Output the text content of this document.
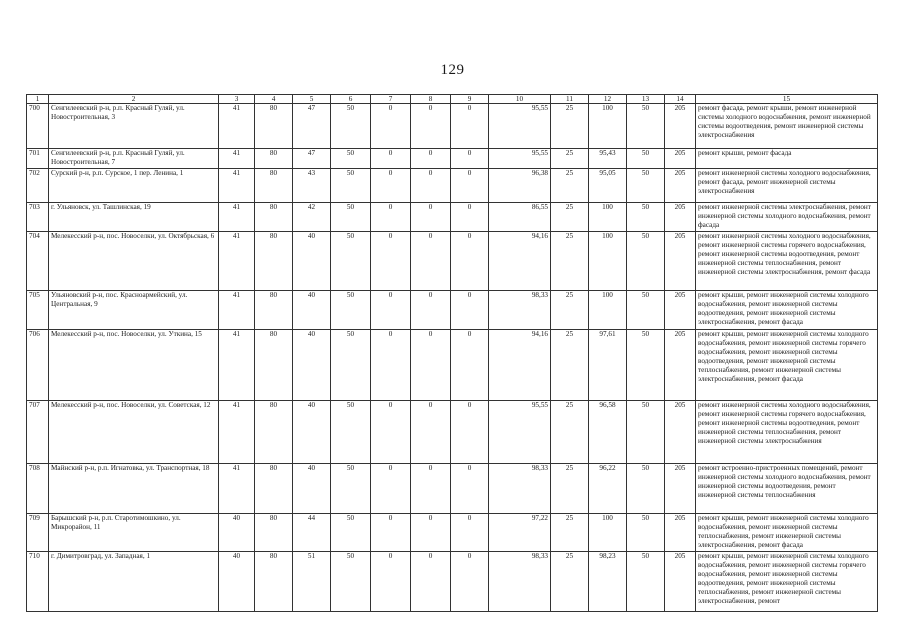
129
1	2	3	4	5	6	7	8	9	10	11	12	13	14	15
700	Сенгилеевский р-н, р.п. Красный Гуляй, ул. Новостроительная, 3	41	80	47	50	0	0	0	95,55	25	100	50	205	ремонт фасада, ремонт крыши, ремонт инженерной системы холодного водоснабжения, ремонт инженерной системы водоотведения, ремонт инженерной системы электроснабжения
701	Сенгилеевский р-н, р.п. Красный Гуляй, ул. Новостроительная, 7	41	80	47	50	0	0	0	95,55	25	95,43	50	205	ремонт крыши, ремонт фасада
702	Сурский р-н, р.п. Сурское, 1 пер. Ленина, 1	41	80	43	50	0	0	0	96,38	25	95,05	50	205	ремонт инженерной системы холодного водоснабжения, ремонт фасада, ремонт инженерной системы электроснабжения
703	г. Ульяновск, ул. Ташлинская, 19	41	80	42	50	0	0	0	86,55	25	100	50	205	ремонт инженерной системы электроснабжения, ремонт инженерной системы холодного водоснабжения, ремонт фасада
704	Мелекесский р-н, пос. Новоселки, ул. Октябрьская, 6	41	80	40	50	0	0	0	94,16	25	100	50	205	ремонт инженерной системы холодного водоснабжения, ремонт инженерной системы горячего водоснабжения, ремонт инженерной системы водоотведения, ремонт инженерной системы теплоснабжения, ремонт инженерной системы электроснабжения, ремонт фасада
705	Ульяновский р-н, пос. Красноармейский, ул. Центральная, 9	41	80	40	50	0	0	0	98,33	25	100	50	205	ремонт крыши, ремонт инженерной системы холодного водоснабжения, ремонт инженерной системы водоотведения, ремонт инженерной системы электроснабжения, ремонт фасада
706	Мелекесский р-н, пос. Новоселки, ул. Уткина, 15	41	80	40	50	0	0	0	94,16	25	97,61	50	205	ремонт крыши, ремонт инженерной системы холодного водоснабжения, ремонт инженерной системы горячего водоснабжения, ремонт инженерной системы водоотведения, ремонт инженерной системы теплоснабжения, ремонт инженерной системы электроснабжения, ремонт фасада
707	Мелекесский р-н, пос. Новоселки, ул. Советская, 12	41	80	40	50	0	0	0	95,55	25	96,58	50	205	ремонт инженерной системы холодного водоснабжения, ремонт инженерной системы горячего водоснабжения, ремонт инженерной системы водоотведения, ремонт инженерной системы теплоснабжения, ремонт инженерной системы электроснабжения
708	Майнский р-н, р.п. Игнатовка, ул. Транспортная, 18	41	80	40	50	0	0	0	98,33	25	96,22	50	205	ремонт встроенно-пристроенных помещений, ремонт инженерной системы холодного водоснабжения, ремонт инженерной системы водоотведения, ремонт инженерной системы теплоснабжения
709	Барышский р-н, р.п. Старотимошкино, ул. Микрорайон, 11	40	80	44	50	0	0	0	97,22	25	100	50	205	ремонт крыши, ремонт инженерной системы холодного водоснабжения, ремонт инженерной системы теплоснабжения, ремонт инженерной системы электроснабжения, ремонт фасада
710	г. Димитровград, ул. Западная, 1	40	80	51	50	0	0	0	98,33	25	98,23	50	205	ремонт крыши, ремонт инженерной системы холодного водоснабжения, ремонт инженерной системы горячего водоснабжения, ремонт инженерной системы водоотведения, ремонт инженерной системы теплоснабжения, ремонт инженерной системы электроснабжения, ремонт
